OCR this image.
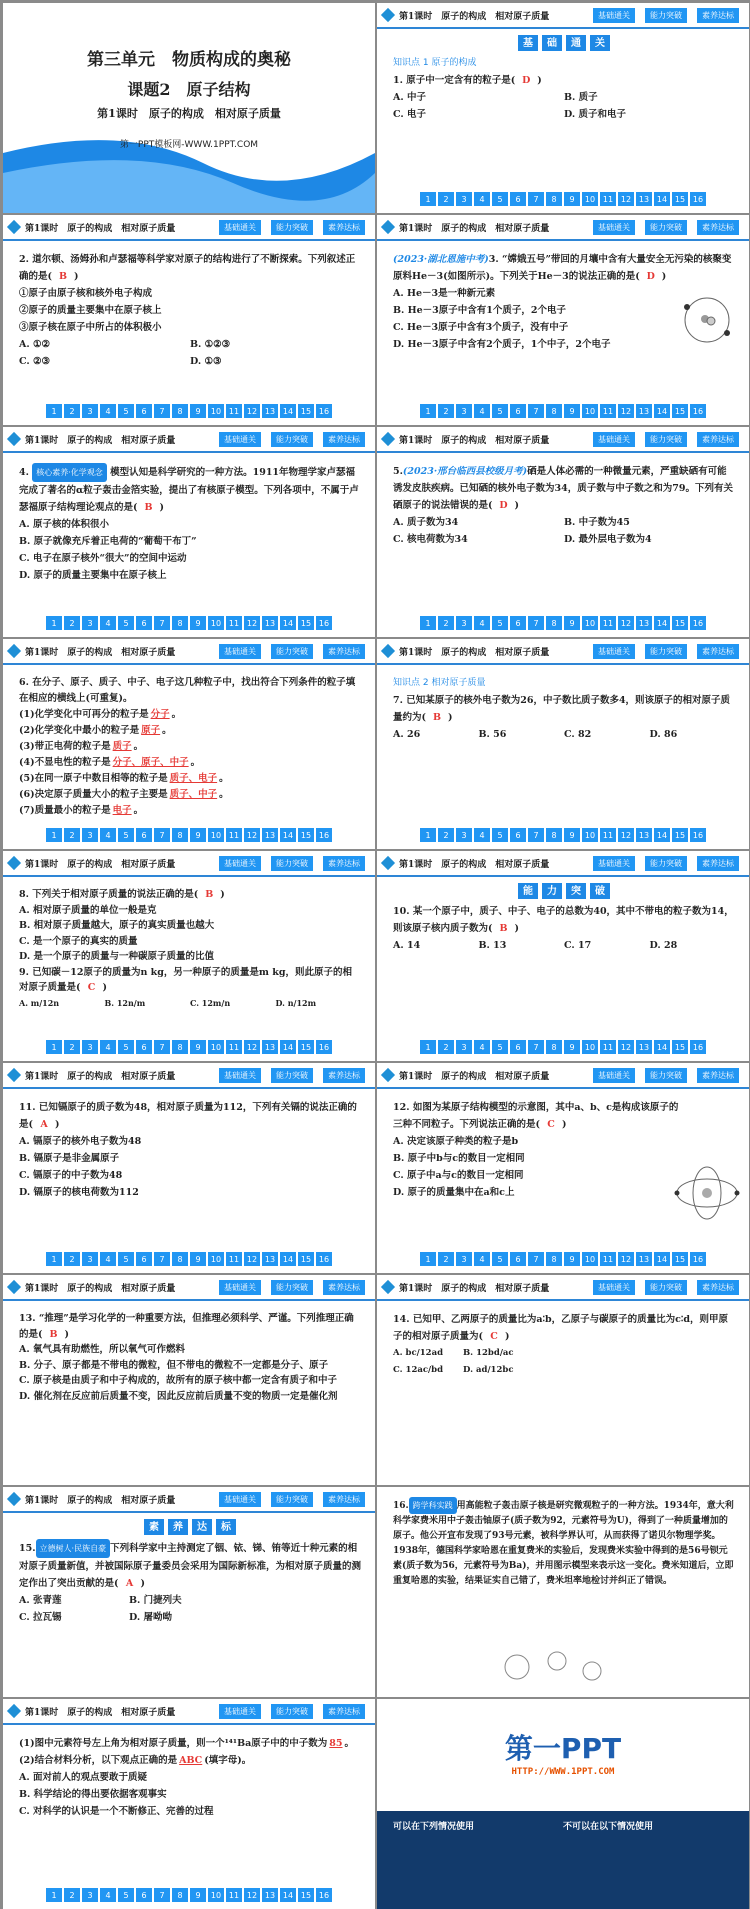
第三单元　物质构成的奥秘
课题2　原子结构
第1课时　原子的构成　相对原子质量
第一PPT模板网-WWW.1PPT.COM
第1课时　原子的构成　相对原子质量	基础通关	能力突破	素养达标
基	础	通	关

知识点 1 原子的构成

1. 原子中一定含有的粒子是( D )

A. 中子	B. 质子
C. 电子	D. 质子和电子
1	2	3	4	5	6	7	8	9	10 11 12 13 14 15 16
第1课时　原子的构成　相对原子质量	基础通关	能力突破	素养达标

2. 道尔顿、汤姆孙和卢瑟福等科学家对原子的结构进行了不断探索。下列叙述正确的是( B )

①原子由原子核和核外电子构成

②原子的质量主要集中在原子核上

③原子核在原子中所占的体积极小

A. ①②	B. ①②③
C. ②③	D. ①③
1	2	3	4	5	6	7	8	9	10 11 12 13 14 15 16
第1课时　原子的构成　相对原子质量	基础通关	能力突破	素养达标

(2023·湖北恩施中考)3. “嫦娥五号”带回的月壤中含有大量安全无污染的核聚变原料He－3(如图所示)。下列关于He－3的说法正确的是( D )

A. He－3是一种新元素

B. He－3原子中含有1个质子，2个电子

C. He－3原子中含有3个质子，没有中子

D. He－3原子中含有2个质子，1个中子，2个电子

1	2	3	4	5	6	7	8	9	10 11 12 13 14 15 16
第1课时　原子的构成　相对原子质量	基础通关	能力突破	素养达标

4. 核心素养·化学观念 模型认知是科学研究的一种方法。1911年物理学家卢瑟福完成了著名的α粒子轰击金箔实验，提出了有核原子模型。下列各项中，不属于卢瑟福原子结构理论观点的是( B )

A. 原子核的体积很小

B. 原子就像充斥着正电荷的“葡萄干布丁”

C. 电子在原子核外“很大”的空间中运动

D. 原子的质量主要集中在原子核上

1	2	3	4	5	6	7	8	9	10 11 12 13 14 15 16
第1课时　原子的构成　相对原子质量	基础通关	能力突破	素养达标

5.(2023·邢台临西县校级月考)硒是人体必需的一种微量元素，严重缺硒有可能诱发皮肤疾病。已知硒的核外电子数为34，质子数与中子数之和为79。下列有关硒原子的说法错误的是( D )

A. 质子数为34	B. 中子数为45
C. 核电荷数为34	D. 最外层电子数为4
1	2	3	4	5	6	7	8	9	10 11 12 13 14 15 16
第1课时　原子的构成　相对原子质量	基础通关	能力突破	素养达标

6. 在分子、原子、质子、中子、电子这几种粒子中，找出符合下列条件的粒子填在相应的横线上(可重复)。

(1)化学变化中可再分的粒子是 分子 。

(2)化学变化中最小的粒子是 原子 。

(3)带正电荷的粒子是 质子 。

(4)不显电性的粒子是 分子、原子、中子 。

(5)在同一原子中数目相等的粒子是 质子、电子 。

(6)决定原子质量大小的粒子主要是 质子、中子 。

(7)质量最小的粒子是 电子 。

1	2	3	4	5	6	7	8	9	10 11 12 13 14 15 16
第1课时　原子的构成　相对原子质量	基础通关	能力突破	素养达标

知识点 2 相对原子质量

7. 已知某原子的核外电子数为26，中子数比质子数多4，则该原子的相对原子质量约为( B )

A. 26	B. 56	C. 82	D. 86
1	2	3	4	5	6	7	8	9	10 11 12 13 14 15 16
第1课时　原子的构成　相对原子质量	基础通关	能力突破	素养达标

8. 下列关于相对原子质量的说法正确的是( B )

A. 相对原子质量的单位一般是克

B. 相对原子质量越大，原子的真实质量也越大

C. 是一个原子的真实的质量

D. 是一个原子的质量与一种碳原子质量的比值

9. 已知碳－12原子的质量为n kg，另一种原子的质量是m kg，则此原子的相对原子质量是( C )

A. m/12n	B. 12n/m	C. 12m/n	D. n/12m
1	2	3	4	5	6	7	8	9	10 11 12 13 14 15 16
第1课时　原子的构成　相对原子质量	基础通关	能力突破	素养达标
能	力	突	破

10. 某一个原子中，质子、中子、电子的总数为40，其中不带电的粒子数为14，则该原子核内质子数为( B )

A. 14	B. 13	C. 17	D. 28
1	2	3	4	5	6	7	8	9	10 11 12 13 14 15 16
第1课时　原子的构成　相对原子质量	基础通关	能力突破	素养达标

11. 已知镉原子的质子数为48，相对原子质量为112，下列有关镉的说法正确的是( A )

A. 镉原子的核外电子数为48

B. 镉原子是非金属原子

C. 镉原子的中子数为48

D. 镉原子的核电荷数为112

1	2	3	4	5	6	7	8	9	10 11 12 13 14 15 16
第1课时　原子的构成　相对原子质量	基础通关	能力突破	素养达标

12. 如图为某原子结构模型的示意图，其中a、b、c是构成该原子的三种不同粒子。下列说法正确的是( C )

A. 决定该原子种类的粒子是b

B. 原子中b与c的数目一定相同

C. 原子中a与c的数目一定相同

D. 原子的质量集中在a和c上

1	2	3	4	5	6	7	8	9	10 11 12 13 14 15 16
第1课时　原子的构成　相对原子质量	基础通关	能力突破	素养达标

13. “推理”是学习化学的一种重要方法，但推理必须科学、严谨。下列推理正确的是( B )

A. 氧气具有助燃性，所以氧气可作燃料

B. 分子、原子都是不带电的微粒，但不带电的微粒不一定都是分子、原子

C. 原子核是由质子和中子构成的，故所有的原子核中都一定含有质子和中子

D. 催化剂在反应前后质量不变，因此反应前后质量不变的物质一定是催化剂

第1课时　原子的构成　相对原子质量	基础通关	能力突破	素养达标

14. 已知甲、乙两原子的质量比为a∶b，乙原子与碳原子的质量比为c∶d，则甲原子的相对原子质量为( C )

A. bc/12ad	B. 12bd/ac
C. 12ac/bd	D. ad/12bc
第1课时　原子的构成　相对原子质量	基础通关	能力突破	素养达标
素	养	达	标

15. 立德树人·民族自豪 下列科学家中主持测定了铟、铱、锑、铕等近十种元素的相对原子质量新值，并被国际原子量委员会采用为国际新标准，为相对原子质量的测定作出了突出贡献的是( A )

A. 张青莲	B. 门捷列夫
C. 拉瓦锡	D. 屠呦呦

16. 跨学科实践 用高能粒子轰击原子核是研究微观粒子的一种方法。1934年，意大利科学家费米用中子轰击铀原子(质子数为92，元素符号为U)，得到了一种质量增加的原子。他公开宣布发现了93号元素，被科学界认可，从而获得了诺贝尔物理学奖。1938年，德国科学家哈恩在重复费米的实验后，发现费米实验中得到的是56号钡元素(质子数为56，元素符号为Ba)，并用图示模型来表示这一变化。费米知道后，立即重复哈恩的实验，结果证实自己错了，费米坦率地检讨并纠正了错误。

第1课时　原子的构成　相对原子质量	基础通关	能力突破	素养达标

(1)图中元素符号左上角为相对原子质量，则一个¹⁴¹Ba原子中的中子数为 85 。

(2)结合材料分析，以下观点正确的是 ABC (填字母)。

A. 面对前人的观点要敢于质疑

B. 科学结论的得出要依据客观事实

C. 对科学的认识是一个不断修正、完善的过程

1	2	3	4	5	6	7	8	9	10 11 12 13 14 15 16
第一PPT
HTTP://WWW.1PPT.COM
可以在下列情况使用	不可以在以下情况使用
